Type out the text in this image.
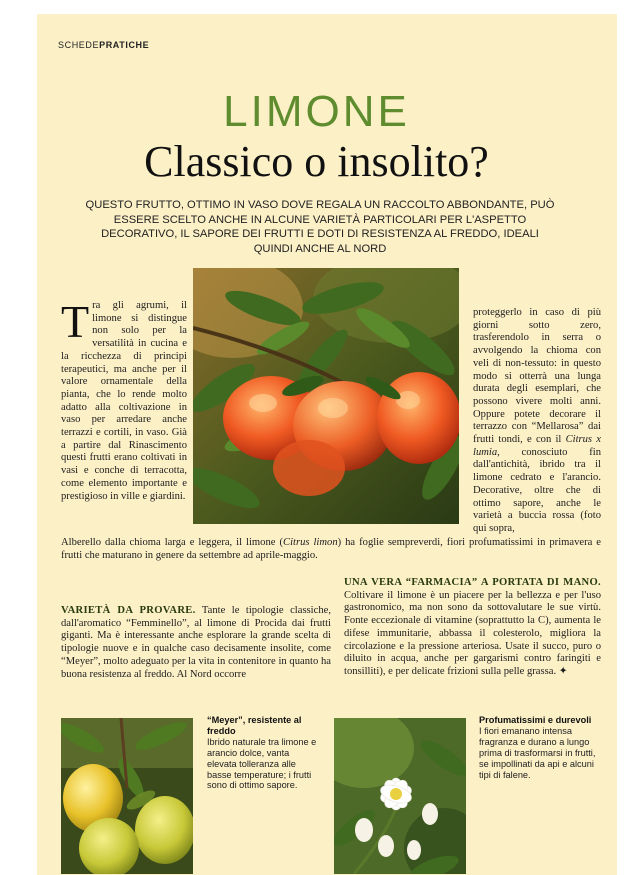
SCHEDEPRATICHE
LIMONE
Classico o insolito?
QUESTO FRUTTO, OTTIMO IN VASO DOVE REGALA UN RACCOLTO ABBONDANTE, PUÒ ESSERE SCELTO ANCHE IN ALCUNE VARIETÀ PARTICOLARI PER L'ASPETTO DECORATIVO, IL SAPORE DEI FRUTTI E DOTI DI RESISTENZA AL FREDDO, IDEALI QUINDI ANCHE AL NORD
Tra gli agrumi, il limone si distingue non solo per la versatilità in cucina e la ricchezza di principi terapeutici, ma anche per il valore ornamentale della pianta, che lo rende molto adatto alla coltivazione in vaso per arredare anche terrazzi e cortili, in vaso. Già a partire dal Rinascimento questi frutti erano coltivati in vasi e conche di terracotta, come elemento importante e prestigioso in ville e giardini.
proteggerlo in caso di più giorni sotto zero, trasferendolo in serra o avvolgendo la chioma con veli di non-tessuto: in questo modo si otterrà una lunga durata degli esemplari, che possono vivere molti anni. Oppure potete decorare il terrazzo con “Mellarosa” dai frutti tondi, e con il Citrus x lumia, conosciuto fin dall'antichità, ibrido tra il limone cedrato e l'arancio. Decorative, oltre che di ottimo sapore, anche le varietà a buccia rossa (foto qui sopra,
Alberello dalla chioma larga e leggera, il limone (Citrus limon) ha foglie sempreverdi, fiori profumatissimi in primavera e frutti che maturano in genere da settembre ad aprile-maggio.
VARIETÀ DA PROVARE. Tante le tipologie classiche, dall'aromatico “Femminello”, al limone di Procida dai frutti giganti. Ma è interessante anche esplorare la grande scelta di tipologie nuove e in qualche caso decisamente insolite, come “Meyer”, molto adeguato per la vita in contenitore in quanto ha buona resistenza al freddo. Al Nord occorre
UNA VERA “FARMACIA” A PORTATA DI MANO. Coltivare il limone è un piacere per la bellezza e per l'uso gastronomico, ma non sono da sottovalutare le sue virtù. Fonte eccezionale di vitamine (soprattutto la C), aumenta le difese immunitarie, abbassa il colesterolo, migliora la circolazione e la pressione arteriosa. Usate il succo, puro o diluito in acqua, anche per gargarismi contro faringiti e tonsilliti), e per delicate frizioni sulla pelle grassa. ✦
“Meyer”, resistente al freddo
Ibrido naturale tra limone e arancio dolce, vanta elevata tolleranza alle basse temperature; i frutti sono di ottimo sapore.
Profumatissimi e durevoli
I fiori emanano intensa fragranza e durano a lungo prima di trasformarsi in frutti, se impollinati da api e alcuni tipi di falene.
